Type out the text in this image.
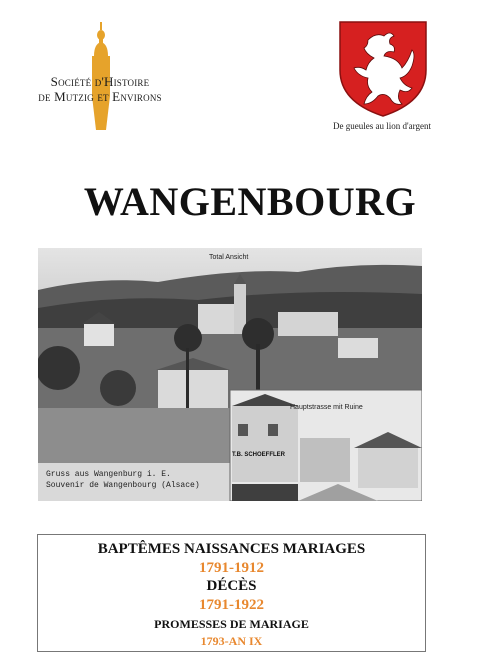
Société d'Histoire
de Mutzig et Environs
De gueules au lion d'argent
WANGENBOURG
Total Ansicht
Hauptstrasse mit Ruine
T.B. SCHOEFFLER
Gruss aus Wangenburg i. E.
Souvenir de Wangenbourg (Alsace)
BAPTÊMES NAISSANCES MARIAGES
1791-1912
DÉCÈS
1791-1922
PROMESSES DE MARIAGE
1793-AN IX
